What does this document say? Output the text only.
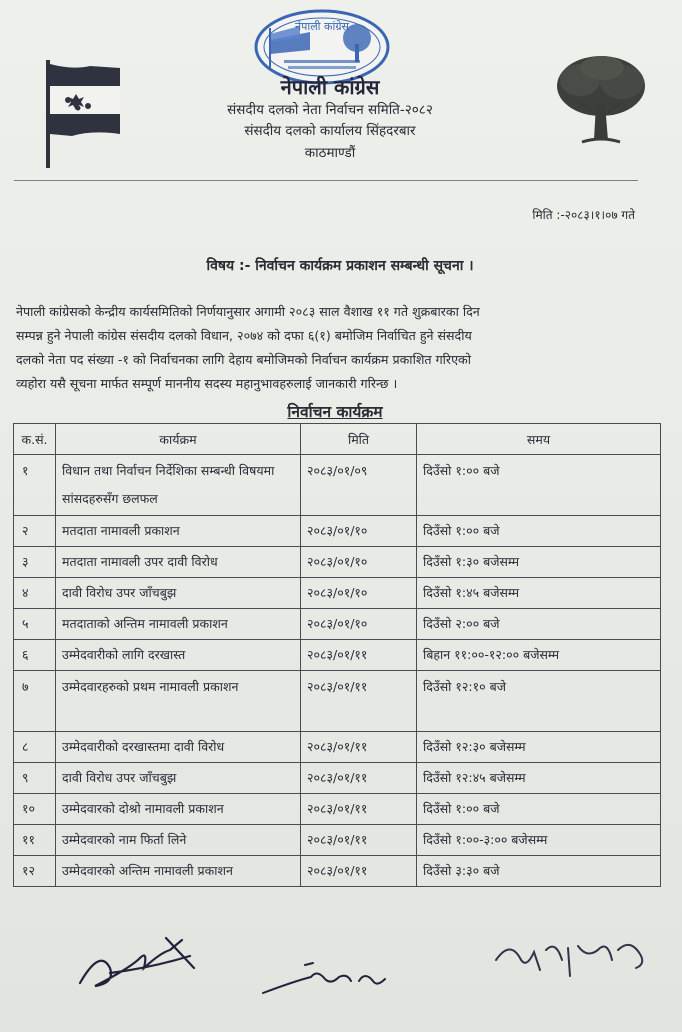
नेपाली कांग्रेस
नेपाली कांग्रेस
संसदीय दलको नेता निर्वाचन समिति-२०८२
संसदीय दलको कार्यालय सिंहदरबार
काठमाण्डौं
मिति :-२०८३।१।०७ गते
विषय :- निर्वाचन कार्यक्रम प्रकाशन सम्बन्धी सूचना ।
नेपाली कांग्रेसको केन्द्रीय कार्यसमितिको निर्णयानुसार अगामी २०८३ साल वैशाख ११ गते शुक्रबारका दिन
सम्पन्न हुने नेपाली कांग्रेस संसदीय दलको विधान, २०७४ को दफा ६(१) बमोजिम निर्वाचित हुने संसदीय
दलको नेता पद संख्या -१ को निर्वाचनका लागि देहाय बमोजिमको निर्वाचन कार्यक्रम प्रकाशित गरिएको
व्यहोरा यसै सूचना मार्फत सम्पूर्ण माननीय सदस्य महानुभावहरुलाई जानकारी गरिन्छ ।
निर्वाचन कार्यक्रम
क.सं.	कार्यक्रम	मिति	समय
१	विधान तथा निर्वाचन निर्देशिका सम्बन्धी विषयमा सांसदहरुसँग छलफल	२०८३/०१/०९	दिउँसो १:०० बजे
२	मतदाता नामावली प्रकाशन	२०८३/०१/१०	दिउँसो १:०० बजे
३	मतदाता नामावली उपर दावी विरोध	२०८३/०१/१०	दिउँसो १:३० बजेसम्म
४	दावी विरोध उपर जाँचबुझ	२०८३/०१/१०	दिउँसो १:४५ बजेसम्म
५	मतदाताको अन्तिम नामावली प्रकाशन	२०८३/०१/१०	दिउँसो २:०० बजे
६	उम्मेदवारीको लागि दरखास्त	२०८३/०१/११	बिहान ११:००-१२:०० बजेसम्म
७	उम्मेदवारहरुको प्रथम नामावली प्रकाशन	२०८३/०१/११	दिउँसो १२:१० बजे
८	उम्मेदवारीको दरखास्तमा दावी विरोध	२०८३/०१/११	दिउँसो १२:३० बजेसम्म
९	दावी विरोध उपर जाँचबुझ	२०८३/०१/११	दिउँसो १२:४५ बजेसम्म
१०	उम्मेदवारको दोश्रो नामावली प्रकाशन	२०८३/०१/११	दिउँसो १:०० बजे
११	उम्मेदवारको नाम फिर्ता लिने	२०८३/०१/११	दिउँसो १:००-३:०० बजेसम्म
१२	उम्मेदवारको अन्तिम नामावली प्रकाशन	२०८३/०१/११	दिउँसो ३:३० बजे
